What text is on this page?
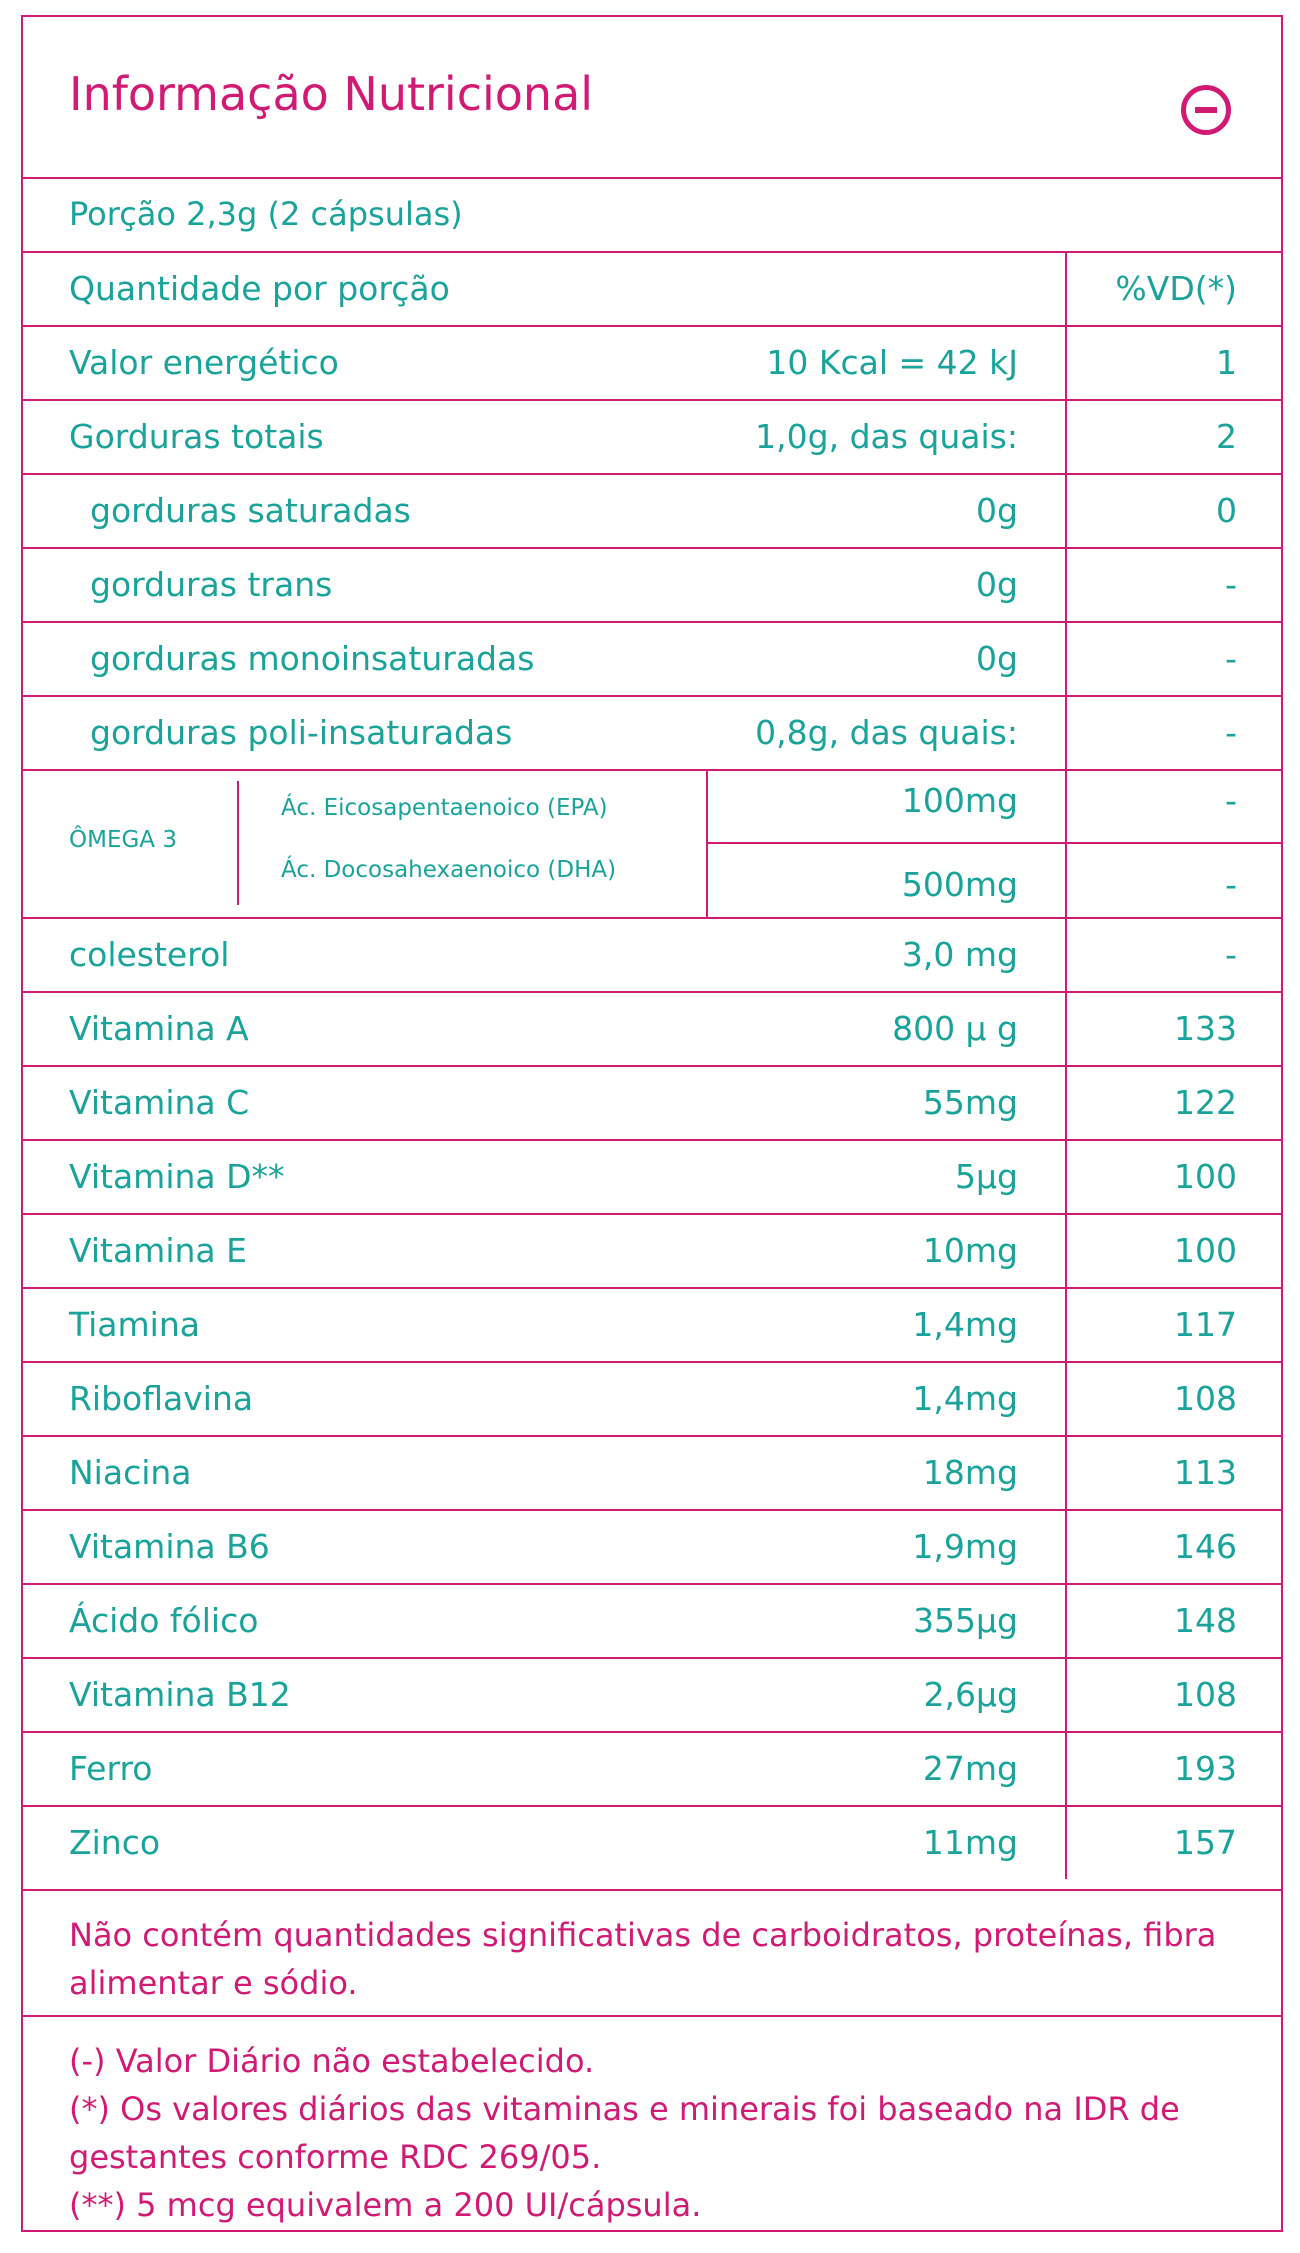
Informação Nutricional
Porção 2,3g (2 cápsulas)
Quantidade por porção	%VD(*)
Valor energético	10 Kcal = 42 kJ	1
Gorduras totais	1,0g, das quais:	2
gorduras saturadas	0g	0
gorduras trans	0g	-
gorduras monoinsaturadas	0g	-
gorduras poli-insaturadas	0,8g, das quais:	-
ÔMEGA 3
Ác. Eicosapentaenoico (EPA)	100mg	-
Ác. Docosahexaenoico (DHA)	500mg	-
colesterol	3,0 mg	-
Vitamina A	800 µ g	133
Vitamina C	55mg	122
Vitamina D**	5µg	100
Vitamina E	10mg	100
Tiamina	1,4mg	117
Riboflavina	1,4mg	108
Niacina	18mg	113
Vitamina B6	1,9mg	146
Ácido fólico	355µg	148
Vitamina B12	2,6µg	108
Ferro	27mg	193
Zinco	11mg	157
Não contém quantidades significativas de carboidratos, proteínas, fibra alimentar e sódio.
(-) Valor Diário não estabelecido.
(*) Os valores diários das vitaminas e minerais foi baseado na IDR de gestantes conforme RDC 269/05.
(**) 5 mcg equivalem a 200 UI/cápsula.
